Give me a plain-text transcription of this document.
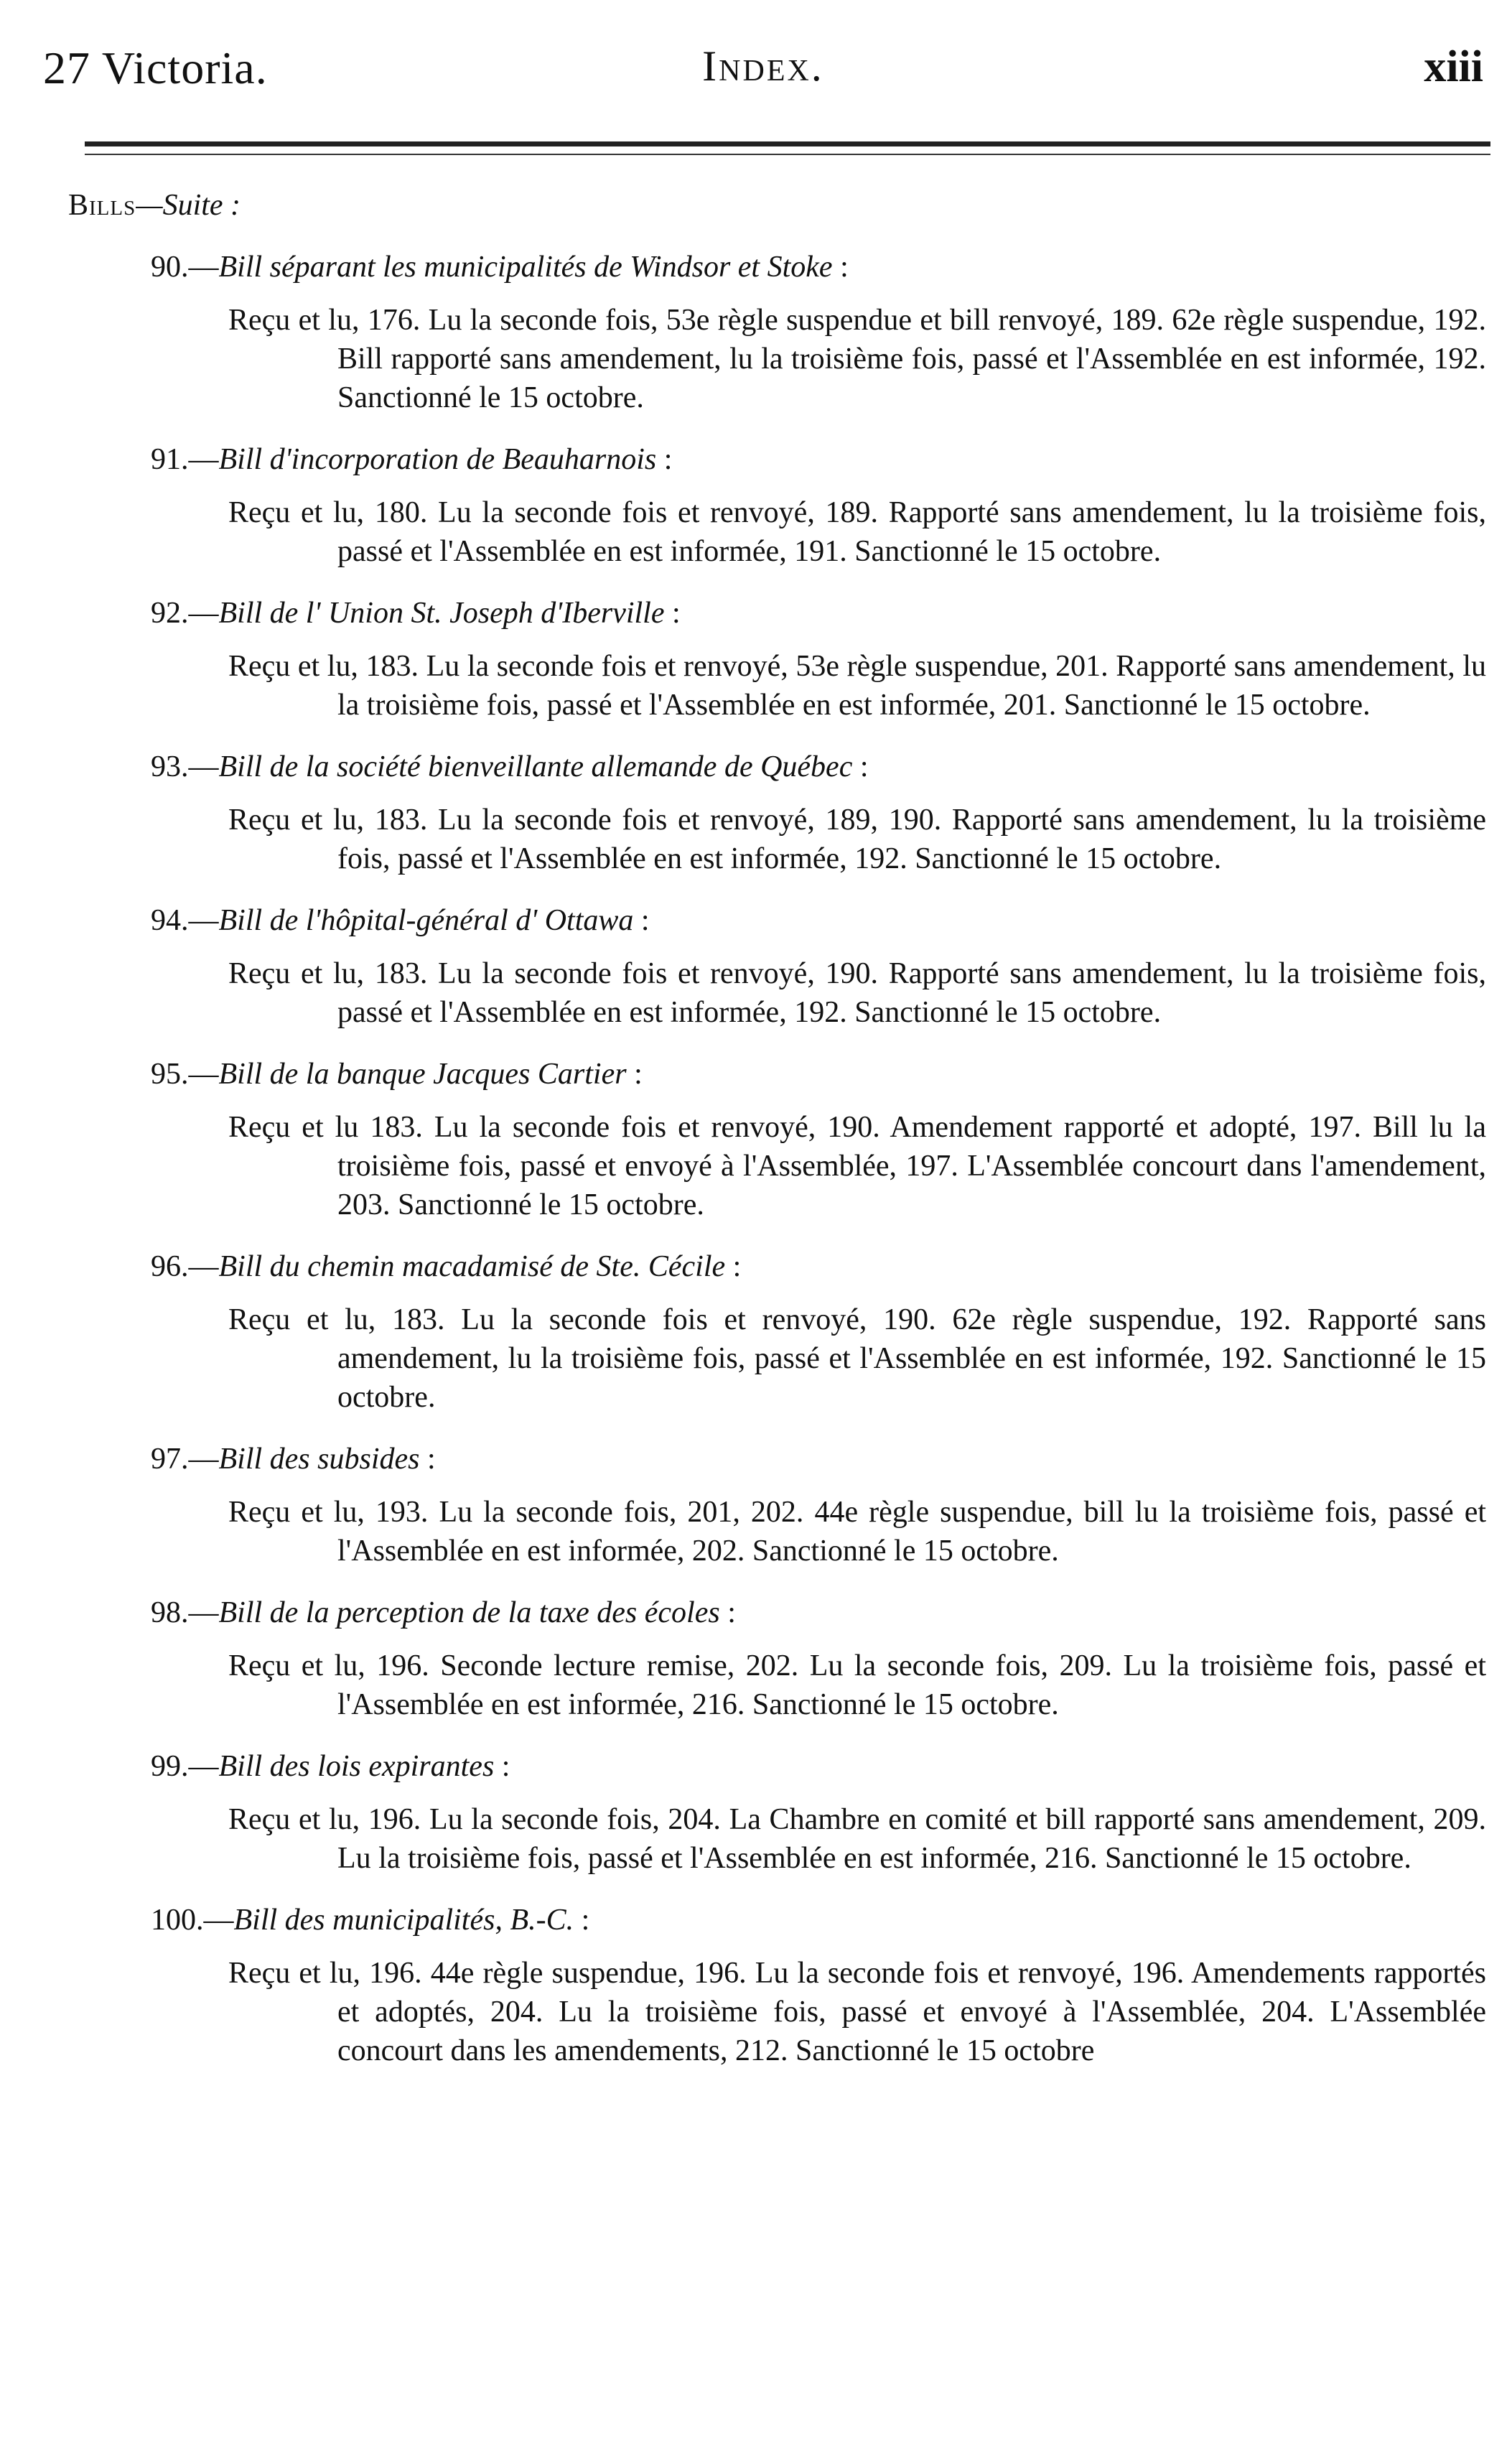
27 Victoria.	Index.	xiii
Bills—Suite :
90.—Bill séparant les municipalités de Windsor et Stoke :
Reçu et lu, 176. Lu la seconde fois, 53e règle suspendue et bill renvoyé, 189. 62e règle suspendue, 192. Bill rapporté sans amendement, lu la troisième fois, passé et l'Assemblée en est informée, 192. Sanctionné le 15 octobre.
91.—Bill d'incorporation de Beauharnois :
Reçu et lu, 180. Lu la seconde fois et renvoyé, 189. Rapporté sans amendement, lu la troisième fois, passé et l'Assemblée en est informée, 191. Sanctionné le 15 octobre.
92.—Bill de l' Union St. Joseph d'Iberville :
Reçu et lu, 183. Lu la seconde fois et renvoyé, 53e règle suspendue, 201. Rapporté sans amendement, lu la troisième fois, passé et l'Assemblée en est informée, 201. Sanctionné le 15 octobre.
93.—Bill de la société bienveillante allemande de Québec :
Reçu et lu, 183. Lu la seconde fois et renvoyé, 189, 190. Rapporté sans amendement, lu la troisième fois, passé et l'Assemblée en est informée, 192. Sanctionné le 15 octobre.
94.—Bill de l'hôpital-général d' Ottawa :
Reçu et lu, 183. Lu la seconde fois et renvoyé, 190. Rapporté sans amendement, lu la troisième fois, passé et l'Assemblée en est informée, 192. Sanctionné le 15 octobre.
95.—Bill de la banque Jacques Cartier :
Reçu et lu 183. Lu la seconde fois et renvoyé, 190. Amendement rapporté et adopté, 197. Bill lu la troisième fois, passé et envoyé à l'Assemblée, 197. L'Assemblée concourt dans l'amendement, 203. Sanctionné le 15 octobre.
96.—Bill du chemin macadamisé de Ste. Cécile :
Reçu et lu, 183. Lu la seconde fois et renvoyé, 190. 62e règle suspendue, 192. Rapporté sans amendement, lu la troisième fois, passé et l'Assemblée en est informée, 192. Sanctionné le 15 octobre.
97.—Bill des subsides :
Reçu et lu, 193. Lu la seconde fois, 201, 202. 44e règle suspendue, bill lu la troisième fois, passé et l'Assemblée en est informée, 202. Sanctionné le 15 octobre.
98.—Bill de la perception de la taxe des écoles :
Reçu et lu, 196. Seconde lecture remise, 202. Lu la seconde fois, 209. Lu la troisième fois, passé et l'Assemblée en est informée, 216. Sanctionné le 15 octobre.
99.—Bill des lois expirantes :
Reçu et lu, 196. Lu la seconde fois, 204. La Chambre en comité et bill rapporté sans amendement, 209. Lu la troisième fois, passé et l'Assemblée en est informée, 216. Sanctionné le 15 octobre.
100.—Bill des municipalités, B.-C. :
Reçu et lu, 196. 44e règle suspendue, 196. Lu la seconde fois et renvoyé, 196. Amendements rapportés et adoptés, 204. Lu la troisième fois, passé et envoyé à l'Assemblée, 204. L'Assemblée concourt dans les amendements, 212. Sanctionné le 15 octobre
